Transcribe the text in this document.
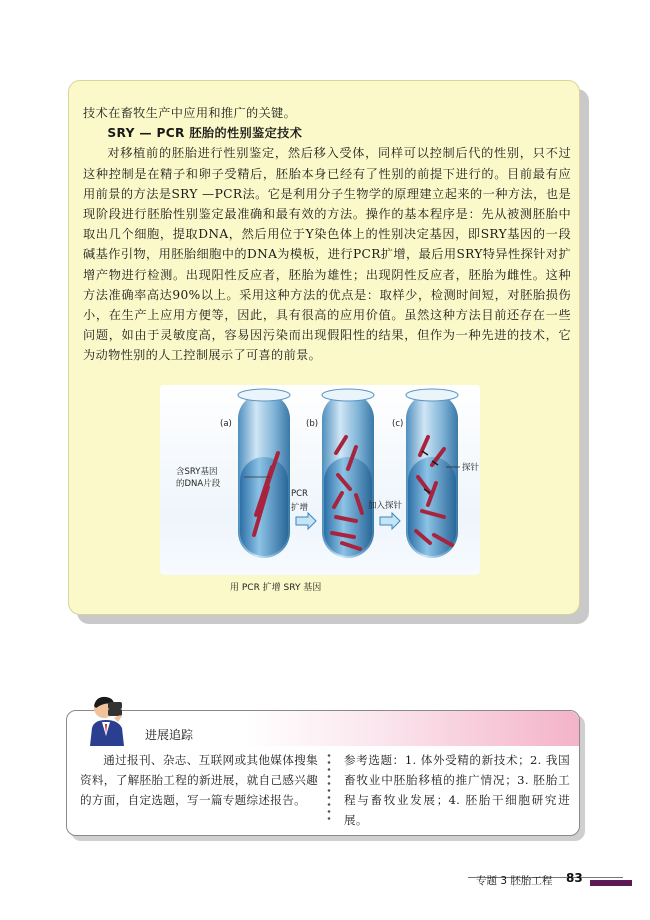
技术在畜牧生产中应用和推广的关键。

SRY — PCR 胚胎的性别鉴定技术

对移植前的胚胎进行性别鉴定，然后移入受体，同样可以控制后代的性别，只不过这种控制是在精子和卵子受精后，胚胎本身已经有了性别的前提下进行的。目前最有应用前景的方法是SRY —PCR法。它是利用分子生物学的原理建立起来的一种方法，也是现阶段进行胚胎性别鉴定最准确和最有效的方法。操作的基本程序是：先从被测胚胎中取出几个细胞，提取DNA，然后用位于Y染色体上的性别决定基因，即SRY基因的一段碱基作引物，用胚胎细胞中的DNA为模板，进行PCR扩增，最后用SRY特异性探针对扩增产物进行检测。出现阳性反应者，胚胎为雄性；出现阴性反应者，胚胎为雌性。这种方法准确率高达90%以上。采用这种方法的优点是：取样少，检测时间短，对胚胎损伤小，在生产上应用方便等，因此，具有很高的应用价值。虽然这种方法目前还存在一些问题，如由于灵敏度高，容易因污染而出现假阳性的结果，但作为一种先进的技术，它为动物性别的人工控制展示了可喜的前景。

(a)	(b)	(c)
含SRY基因
的DNA片段
PCR
扩增	加入探针
探针
用 PCR 扩增 SRY 基因
进展追踪
通过报刊、杂志、互联网或其他媒体搜集资料，了解胚胎工程的新进展，就自己感兴趣的方面，自定选题，写一篇专题综述报告。
参考选题：1. 体外受精的新技术；2. 我国畜牧业中胚胎移植的推广情况；3. 胚胎工程与畜牧业发展；4. 胚胎干细胞研究进展。
专题 3 胚胎工程 83
